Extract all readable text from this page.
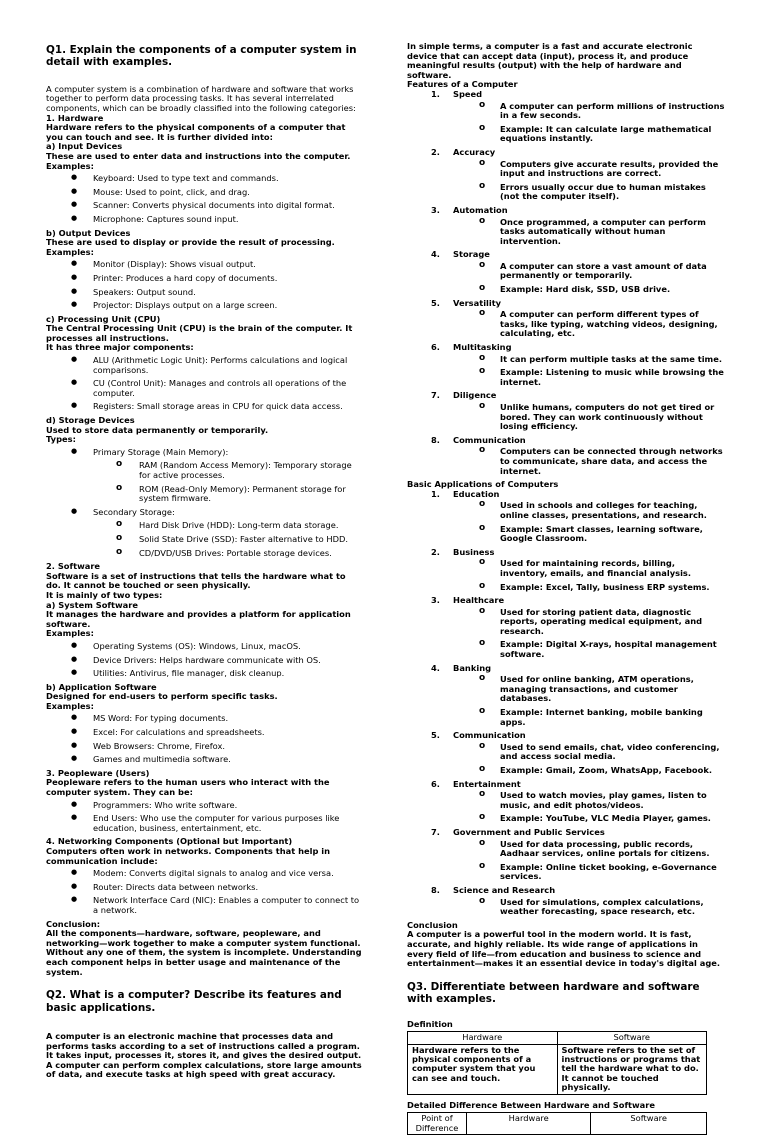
Q1. Explain the components of a computer system in detail with examples.

A computer system is a combination of hardware and software that works together to perform data processing tasks. It has several interrelated components, which can be broadly classified into the following categories:

1. Hardware
Hardware refers to the physical components of a computer that you can touch and see. It is further divided into:
a) Input Devices
These are used to enter data and instructions into the computer.
Examples:
● Keyboard: Used to type text and commands.
● Mouse: Used to point, click, and drag.
● Scanner: Converts physical documents into digital format.
● Microphone: Captures sound input.
b) Output Devices
These are used to display or provide the result of processing.
Examples:
● Monitor (Display): Shows visual output.
● Printer: Produces a hard copy of documents.
● Speakers: Output sound.
● Projector: Displays output on a large screen.
c) Processing Unit (CPU)
The Central Processing Unit (CPU) is the brain of the computer. It processes all instructions.
It has three major components:
● ALU (Arithmetic Logic Unit): Performs calculations and logical comparisons.
● CU (Control Unit): Manages and controls all operations of the computer.
● Registers: Small storage areas in CPU for quick data access.
d) Storage Devices
Used to store data permanently or temporarily.
Types:
● Primary Storage (Main Memory):
o RAM (Random Access Memory): Temporary storage for active processes.
o ROM (Read-Only Memory): Permanent storage for system firmware.
● Secondary Storage:
o Hard Disk Drive (HDD): Long-term data storage.
o Solid State Drive (SSD): Faster alternative to HDD.
o CD/DVD/USB Drives: Portable storage devices.
2. Software
Software is a set of instructions that tells the hardware what to do. It cannot be touched or seen physically.
It is mainly of two types:
a) System Software
It manages the hardware and provides a platform for application software.
Examples:
● Operating Systems (OS): Windows, Linux, macOS.
● Device Drivers: Helps hardware communicate with OS.
● Utilities: Antivirus, file manager, disk cleanup.
b) Application Software
Designed for end-users to perform specific tasks.
Examples:
● MS Word: For typing documents.
● Excel: For calculations and spreadsheets.
● Web Browsers: Chrome, Firefox.
● Games and multimedia software.
3. Peopleware (Users)
Peopleware refers to the human users who interact with the computer system. They can be:
● Programmers: Who write software.
● End Users: Who use the computer for various purposes like education, business, entertainment, etc.
4. Networking Components (Optional but Important)
Computers often work in networks. Components that help in communication include:
● Modem: Converts digital signals to analog and vice versa.
● Router: Directs data between networks.
● Network Interface Card (NIC): Enables a computer to connect to a network.
Conclusion:
All the components—hardware, software, peopleware, and networking—work together to make a computer system functional. Without any one of them, the system is incomplete. Understanding each component helps in better usage and maintenance of the system.
Q2. What is a computer? Describe its features and basic applications.

A computer is an electronic machine that processes data and performs tasks according to a set of instructions called a program. It takes input, processes it, stores it, and gives the desired output. A computer can perform complex calculations, store large amounts of data, and execute tasks at high speed with great accuracy.

In simple terms, a computer is a fast and accurate electronic device that can accept data (input), process it, and produce meaningful results (output) with the help of hardware and software.
Features of a Computer
1. Speed
o A computer can perform millions of instructions in a few seconds.
o Example: It can calculate large mathematical equations instantly.
2. Accuracy
o Computers give accurate results, provided the input and instructions are correct.
o Errors usually occur due to human mistakes (not the computer itself).
3. Automation
o Once programmed, a computer can perform tasks automatically without human intervention.
4. Storage
o A computer can store a vast amount of data permanently or temporarily.
o Example: Hard disk, SSD, USB drive.
5. Versatility
o A computer can perform different types of tasks, like typing, watching videos, designing, calculating, etc.
6. Multitasking
o It can perform multiple tasks at the same time.
o Example: Listening to music while browsing the internet.
7. Diligence
o Unlike humans, computers do not get tired or bored. They can work continuously without losing efficiency.
8. Communication
o Computers can be connected through networks to communicate, share data, and access the internet.
Basic Applications of Computers
1. Education
o Used in schools and colleges for teaching, online classes, presentations, and research.
o Example: Smart classes, learning software, Google Classroom.
2. Business
o Used for maintaining records, billing, inventory, emails, and financial analysis.
o Example: Excel, Tally, business ERP systems.
3. Healthcare
o Used for storing patient data, diagnostic reports, operating medical equipment, and research.
o Example: Digital X-rays, hospital management software.
4. Banking
o Used for online banking, ATM operations, managing transactions, and customer databases.
o Example: Internet banking, mobile banking apps.
5. Communication
o Used to send emails, chat, video conferencing, and access social media.
o Example: Gmail, Zoom, WhatsApp, Facebook.
6. Entertainment
o Used to watch movies, play games, listen to music, and edit photos/videos.
o Example: YouTube, VLC Media Player, games.
7. Government and Public Services
o Used for data processing, public records, Aadhaar services, online portals for citizens.
o Example: Online ticket booking, e-Governance services.
8. Science and Research
o Used for simulations, complex calculations, weather forecasting, space research, etc.
Conclusion
A computer is a powerful tool in the modern world. It is fast, accurate, and highly reliable. Its wide range of applications in every field of life—from education and business to science and entertainment—makes it an essential device in today's digital age.
Q3. Differentiate between hardware and software with examples.
Definition
Hardware	Software
Hardware refers to the physical components of a computer system that you can see and touch.	Software refers to the set of instructions or programs that tell the hardware what to do. It cannot be touched physically.
Detailed Difference Between Hardware and Software
Point of Difference	Hardware	Software
